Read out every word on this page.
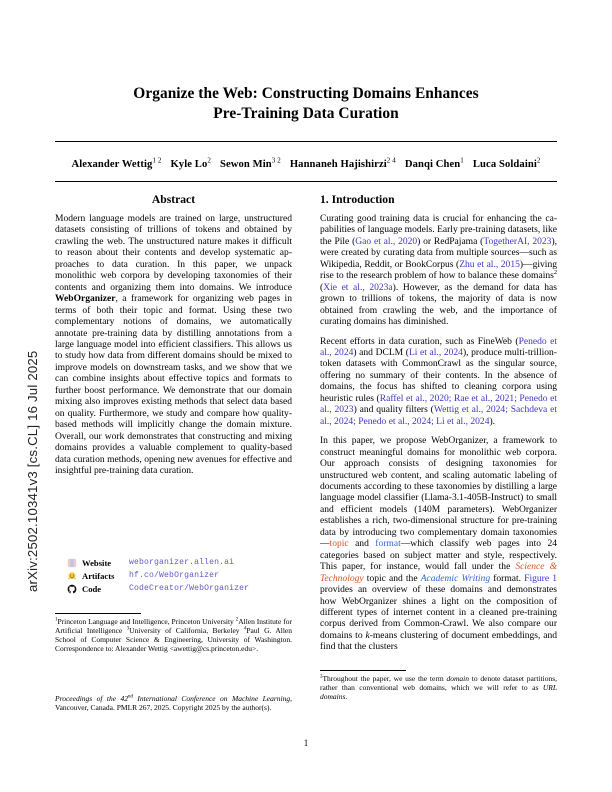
arXiv:2502.10341v3 [cs.CL] 16 Jul 2025
Organize the Web: Constructing Domains Enhances
Pre-Training Data Curation
Alexander Wettig$^{1 2}$ Kyle Lo$^2$ Sewon Min$^{3 2}$ Hannaneh Hajishirzi$^{2 4}$ Danqi Chen$^1$ Luca Soldaini$^2$
Abstract

Modern language models are trained on large, unstructured datasets consisting of trillions of tokens and obtained by crawling the web. The unstructured nature makes it difficult to reason about their contents and develop systematic approaches to data curation. In this paper, we unpack monolithic web corpora by developing taxonomies of their contents and organizing them into domains. We introduce WebOrganizer, a framework for organizing web pages in terms of both their topic and format. Using these two complementary notions of domains, we automatically annotate pre-training data by distilling annotations from a large language model into efficient classifiers. This allows us to study how data from different domains should be mixed to improve models on downstream tasks, and we show that we can combine insights about effective topics and formats to further boost performance. We demonstrate that our domain mixing also improves existing methods that select data based on quality. Furthermore, we study and compare how quality-based methods will implicitly change the domain mixture. Overall, our work demonstrates that constructing and mixing domains provides a valuable complement to quality-based data curation methods, opening new avenues for effective and insightful pre-training data curation.

Website	weborganizer.allen.ai
Artifacts	hf.co/WebOrganizer
Code	CodeCreator/WebOrganizer
$^1$Princeton Language and Intelligence, Princeton University $^2$Allen Institute for Artificial Intelligence $^3$University of California, Berkeley $^4$Paul G. Allen School of Computer Science & Engineering, University of Washington. Correspondence to: Alexander Wettig <awettig@cs.princeton.edu>.
Proceedings of the 42nd International Conference on Machine Learning, Vancouver, Canada. PMLR 267, 2025. Copyright 2025 by the author(s).
1. Introduction

Curating good training data is crucial for enhancing the capabilities of language models. Early pre-training datasets, like the Pile (Gao et al., 2020) or RedPajama (TogetherAI, 2023), were created by curating data from multiple sources—such as Wikipedia, Reddit, or BookCorpus (Zhu et al., 2015)—giving rise to the research problem of how to balance these domains$^2$ (Xie et al., 2023a). However, as the demand for data has grown to trillions of tokens, the majority of data is now obtained from crawling the web, and the importance of curating domains has diminished.

Recent efforts in data curation, such as FineWeb (Penedo et al., 2024) and DCLM (Li et al., 2024), produce multi-trillion-token datasets with CommonCrawl as the singular source, offering no summary of their contents. In the absence of domains, the focus has shifted to cleaning corpora using heuristic rules (Raffel et al., 2020; Rae et al., 2021; Penedo et al., 2023) and quality filters (Wettig et al., 2024; Sachdeva et al., 2024; Penedo et al., 2024; Li et al., 2024).

In this paper, we propose WebOrganizer, a framework to construct meaningful domains for monolithic web corpora. Our approach consists of designing taxonomies for unstructured web content, and scaling automatic labeling of documents according to these taxonomies by distilling a large language model classifier (Llama-3.1-405B-Instruct) to small and efficient models (140M parameters). WebOrganizer establishes a rich, two-dimensional structure for pre-training data by introducing two complementary domain taxonomies—topic and format—which classify web pages into 24 categories based on subject matter and style, respectively. This paper, for instance, would fall under the Science & Technology topic and the Academic Writing format. Figure 1 provides an overview of these domains and demonstrates how WebOrganizer shines a light on the composition of different types of internet content in a cleaned pre-training corpus derived from Common-Crawl. We also compare our domains to k-means clustering of document embeddings, and find that the clusters

$^2$Throughout the paper, we use the term domain to denote dataset partitions, rather than conventional web domains, which we will refer to as URL domains.
1
